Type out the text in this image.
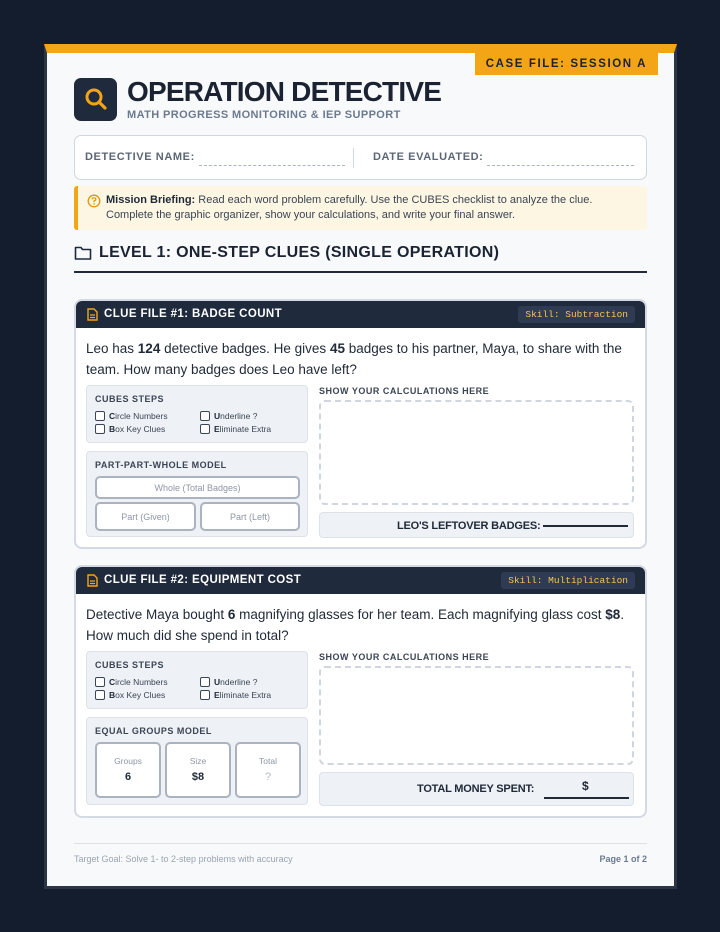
CASE FILE: SESSION A
OPERATION DETECTIVE
MATH PROGRESS MONITORING & IEP SUPPORT
DETECTIVE NAME:	DATE EVALUATED:

Mission Briefing: Read each word problem carefully. Use the CUBES checklist to analyze the clue. Complete the graphic organizer, show your calculations, and write your final answer.

LEVEL 1: ONE-STEP CLUES (SINGLE OPERATION)
CLUE FILE #1: BADGE COUNT	Skill: Subtraction
Leo has 124 detective badges. He gives 45 badges to his partner, Maya, to share with the team. How many badges does Leo have left?
CUBES STEPS
C ircle Numbers	U nderline ?
B ox Key Clues	E liminate Extra
PART-PART-WHOLE MODEL
Whole (Total Badges)
Part (Given)	Part (Left)
SHOW YOUR CALCULATIONS HERE
LEO'S LEFTOVER BADGES:
CLUE FILE #2: EQUIPMENT COST	Skill: Multiplication
Detective Maya bought 6 magnifying glasses for her team. Each magnifying glass cost $8. How much did she spend in total?
CUBES STEPS
C ircle Numbers	U nderline ?
B ox Key Clues	E liminate Extra
EQUAL GROUPS MODEL
Groups
6
Size
$8
Total
?
SHOW YOUR CALCULATIONS HERE
TOTAL MONEY SPENT:	$
Target Goal: Solve 1- to 2-step problems with accuracy	Page 1 of 2
